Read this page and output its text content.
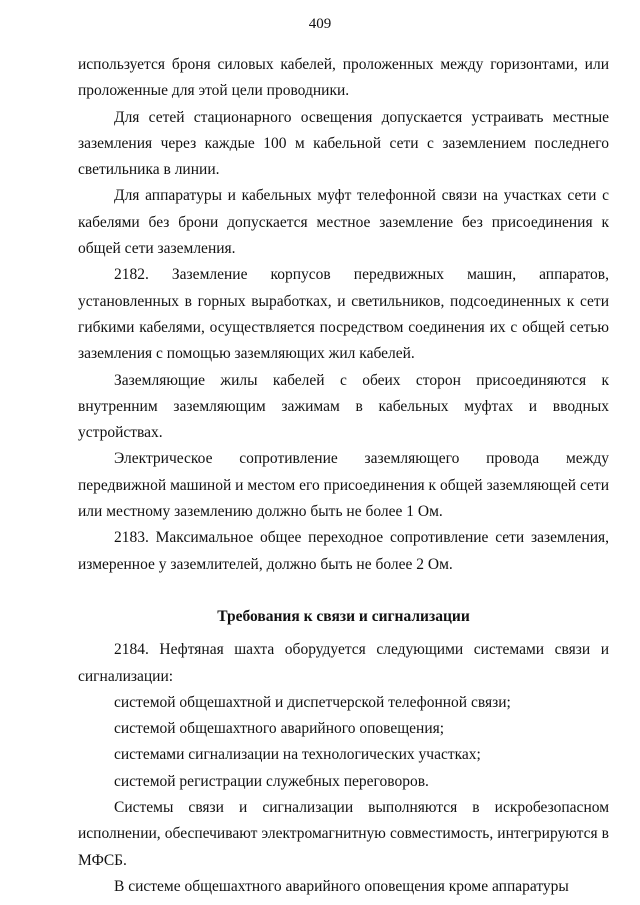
409

используется броня силовых кабелей, проложенных между горизонтами, или проложенные для этой цели проводники.

Для сетей стационарного освещения допускается устраивать местные заземления через каждые 100 м кабельной сети с заземлением последнего светильника в линии.

Для аппаратуры и кабельных муфт телефонной связи на участках сети с кабелями без брони допускается местное заземление без присоединения к общей сети заземления.

2182. Заземление корпусов передвижных машин, аппаратов, установленных в горных выработках, и светильников, подсоединенных к сети гибкими кабелями, осуществляется посредством соединения их с общей сетью заземления с помощью заземляющих жил кабелей.

Заземляющие жилы кабелей с обеих сторон присоединяются к внутренним заземляющим зажимам в кабельных муфтах и вводных устройствах.

Электрическое сопротивление заземляющего провода между передвижной машиной и местом его присоединения к общей заземляющей сети или местному заземлению должно быть не более 1 Ом.

2183. Максимальное общее переходное сопротивление сети заземления, измеренное у заземлителей, должно быть не более 2 Ом.

Требования к связи и сигнализации

2184. Нефтяная шахта оборудуется следующими системами связи и сигнализации:

системой общешахтной и диспетчерской телефонной связи;

системой общешахтного аварийного оповещения;

системами сигнализации на технологических участках;

системой регистрации служебных переговоров.

Системы связи и сигнализации выполняются в искробезопасном исполнении, обеспечивают электромагнитную совместимость, интегрируются в МФСБ.

В системе общешахтного аварийного оповещения кроме аппаратуры
